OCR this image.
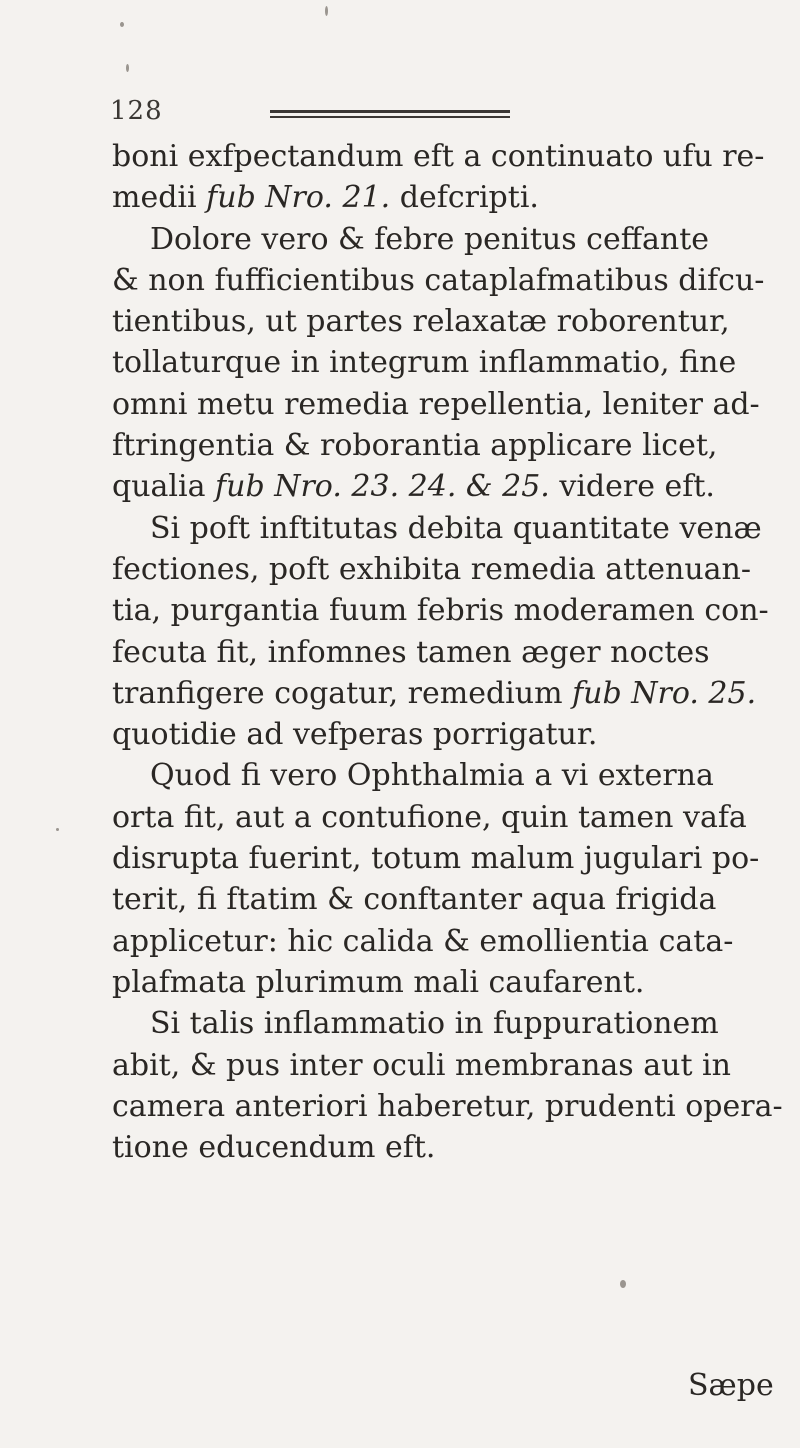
128
boni exfpectandum eft a continuato ufu re-
medii fub Nro. 21. defcripti.
Dolore vero & febre penitus ceffante
& non fufficientibus cataplafmatibus difcu-
tientibus, ut partes relaxatæ roborentur,
tollaturque in integrum inflammatio, fine
omni metu remedia repellentia, leniter ad-
ftringentia & roborantia applicare licet,
qualia fub Nro. 23. 24. & 25. videre eft.
Si poft inftitutas debita quantitate venæ
fectiones, poft exhibita remedia attenuan-
tia, purgantia fuum febris moderamen con-
fecuta fit, infomnes tamen æger noctes
tranfigere cogatur, remedium fub Nro. 25.
quotidie ad vefperas porrigatur.
Quod fi vero Ophthalmia a vi externa
orta fit, aut a contufione, quin tamen vafa
disrupta fuerint, totum malum jugulari po-
terit, fi ftatim & conftanter aqua frigida
applicetur: hic calida & emollientia cata-
plafmata plurimum mali caufarent.
Si talis inflammatio in fuppurationem
abit, & pus inter oculi membranas aut in
camera anteriori haberetur, prudenti opera-
tione educendum eft.
Sæpe
